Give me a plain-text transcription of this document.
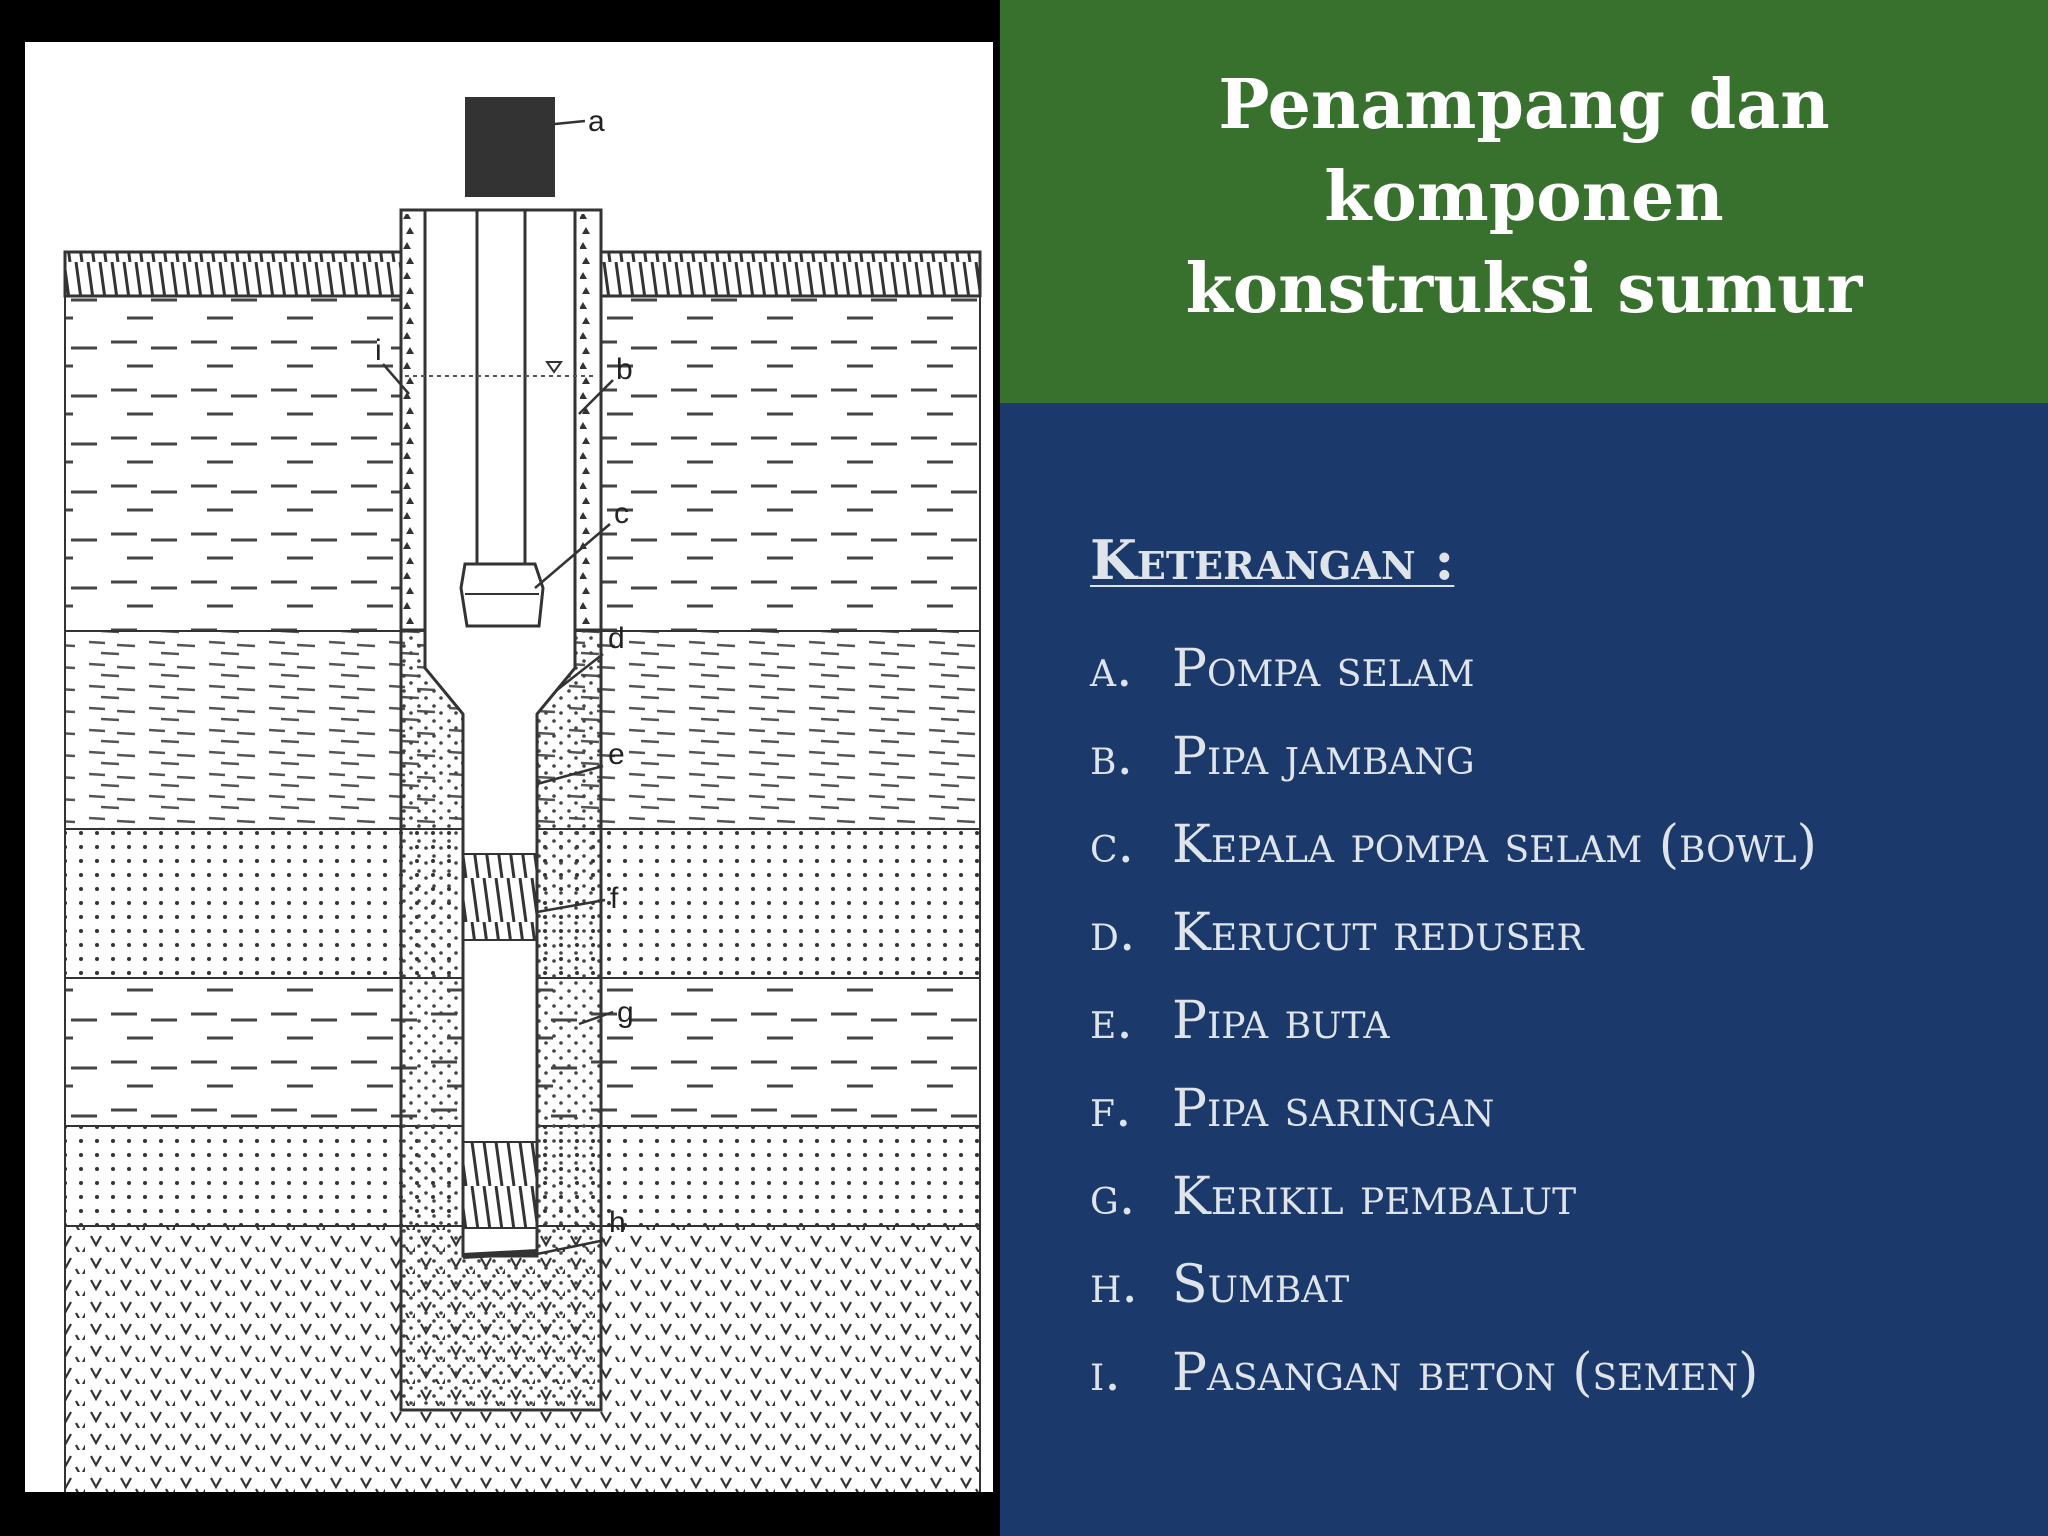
a
b
c
d
e
f
g
h
i
Penampang dan komponen konstruksi sumur
Keterangan :
a. Pompa selam
b. Pipa jambang
c. Kepala pompa selam (bowl)
d. Kerucut reduser
e. Pipa buta
f. Pipa saringan
g. Kerikil pembalut
h. Sumbat
i. Pasangan beton (semen)
